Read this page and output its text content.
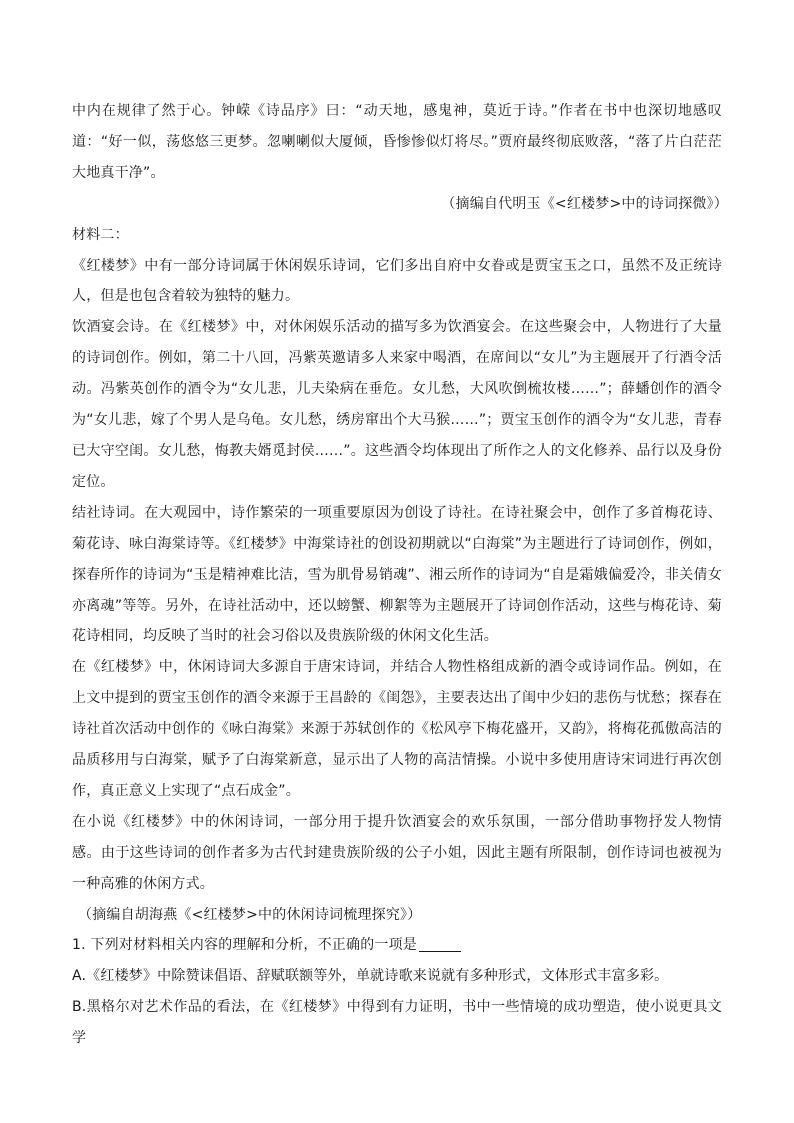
中内在规律了然于心。钟嵘《诗品序》曰：“动天地，感鬼神，莫近于诗。”作者在书中也深切地感叹道：“好一似，荡悠悠三更梦。忽喇喇似大厦倾，昏惨惨似灯将尽。”贾府最终彻底败落，“落了片白茫茫大地真干净”。

（摘编自代明玉《<红楼梦>中的诗词探微》）

材料二：

《红楼梦》中有一部分诗词属于休闲娱乐诗词，它们多出自府中女眷或是贾宝玉之口，虽然不及正统诗人，但是也包含着较为独特的魅力。

饮酒宴会诗。在《红楼梦》中，对休闲娱乐活动的描写多为饮酒宴会。在这些聚会中，人物进行了大量的诗词创作。例如，第二十八回，冯紫英邀请多人来家中喝酒，在席间以“女儿”为主题展开了行酒令活动。冯紫英创作的酒令为“女儿悲，儿夫染病在垂危。女儿愁，大风吹倒梳妆楼……”；薛蟠创作的酒令为“女儿悲，嫁了个男人是乌龟。女儿愁，绣房窜出个大马猴……”；贾宝玉创作的酒令为“女儿悲，青春已大守空闺。女儿愁，悔教夫婿觅封侯……”。这些酒令均体现出了所作之人的文化修养、品行以及身份定位。

结社诗词。在大观园中，诗作繁荣的一项重要原因为创设了诗社。在诗社聚会中，创作了多首梅花诗、菊花诗、咏白海棠诗等。《红楼梦》中海棠诗社的创设初期就以“白海棠”为主题进行了诗词创作，例如，探春所作的诗词为“玉是精神难比洁，雪为肌骨易销魂”、湘云所作的诗词为“自是霜娥偏爱冷，非关倩女亦离魂”等等。另外，在诗社活动中，还以螃蟹、柳絮等为主题展开了诗词创作活动，这些与梅花诗、菊花诗相同，均反映了当时的社会习俗以及贵族阶级的休闲文化生活。

在《红楼梦》中，休闲诗词大多源自于唐宋诗词，并结合人物性格组成新的酒令或诗词作品。例如，在上文中提到的贾宝玉创作的酒令来源于王昌龄的《闺怨》，主要表达出了闺中少妇的悲伤与忧愁；探春在诗社首次活动中创作的《咏白海棠》来源于苏轼创作的《松风亭下梅花盛开，又韵》，将梅花孤傲高洁的品质移用与白海棠，赋予了白海棠新意，显示出了人物的高洁情操。小说中多使用唐诗宋词进行再次创作，真正意义上实现了“点石成金”。

在小说《红楼梦》中的休闲诗词，一部分用于提升饮酒宴会的欢乐氛围，一部分借助事物抒发人物情感。由于这些诗词的创作者多为古代封建贵族阶级的公子小姐，因此主题有所限制，创作诗词也被视为一种高雅的休闲方式。

（摘编自胡海燕《<红楼梦>中的休闲诗词梳理探究》）

1. 下列对材料相关内容的理解和分析，不正确的一项是

A.《红楼梦》中除赞诔倡语、辞赋联额等外，单就诗歌来说就有多种形式，文体形式丰富多彩。

B.黑格尔对艺术作品的看法，在《红楼梦》中得到有力证明，书中一些情境的成功塑造，使小说更具文学
